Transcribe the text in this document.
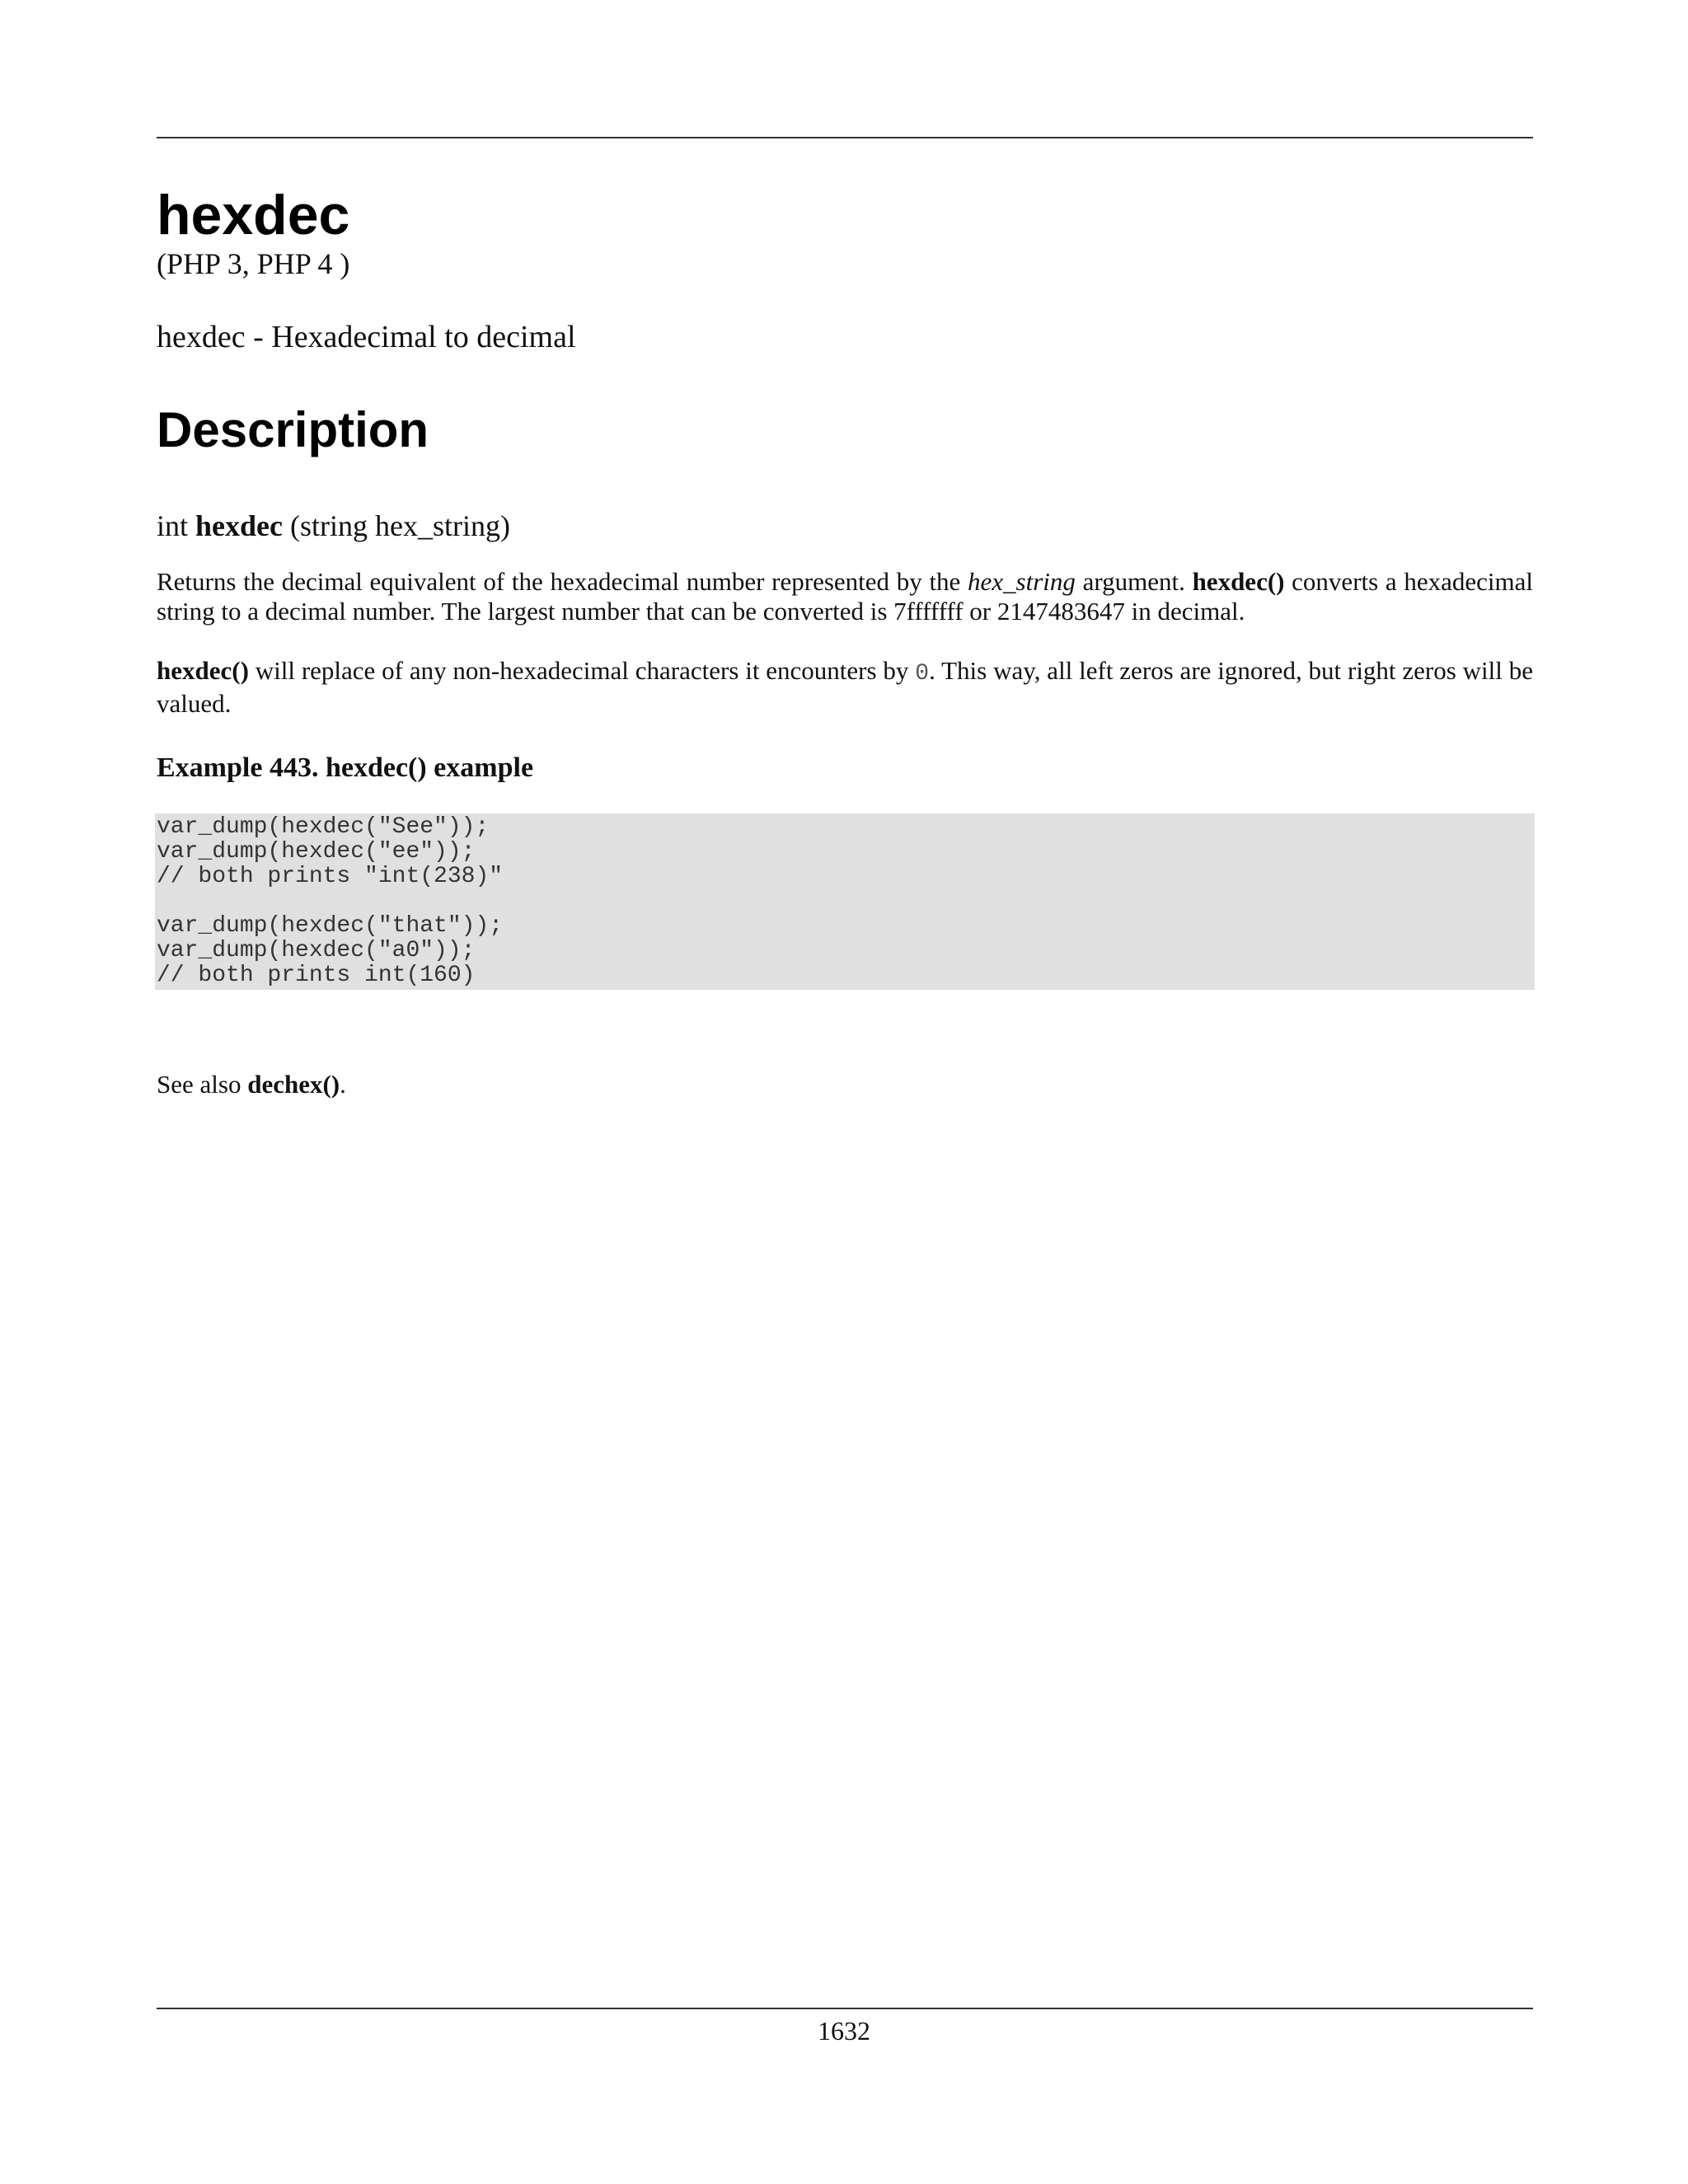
hexdec

(PHP 3, PHP 4 )

hexdec - Hexadecimal to decimal

Description

int hexdec (string hex_string)

Returns the decimal equivalent of the hexadecimal number represented by the hex_string argument. hexdec() converts a hexadecimal string to a decimal number. The largest number that can be converted is 7fffffff or 2147483647 in decimal.

hexdec() will replace of any non-hexadecimal characters it encounters by 0. This way, all left zeros are ignored, but right zeros will be valued.

Example 443. hexdec() example
var_dump(hexdec("See"));
var_dump(hexdec("ee"));
// both prints "int(238)"
var_dump(hexdec("that"));
var_dump(hexdec("a0"));
// both prints int(160)

See also dechex().

1632
